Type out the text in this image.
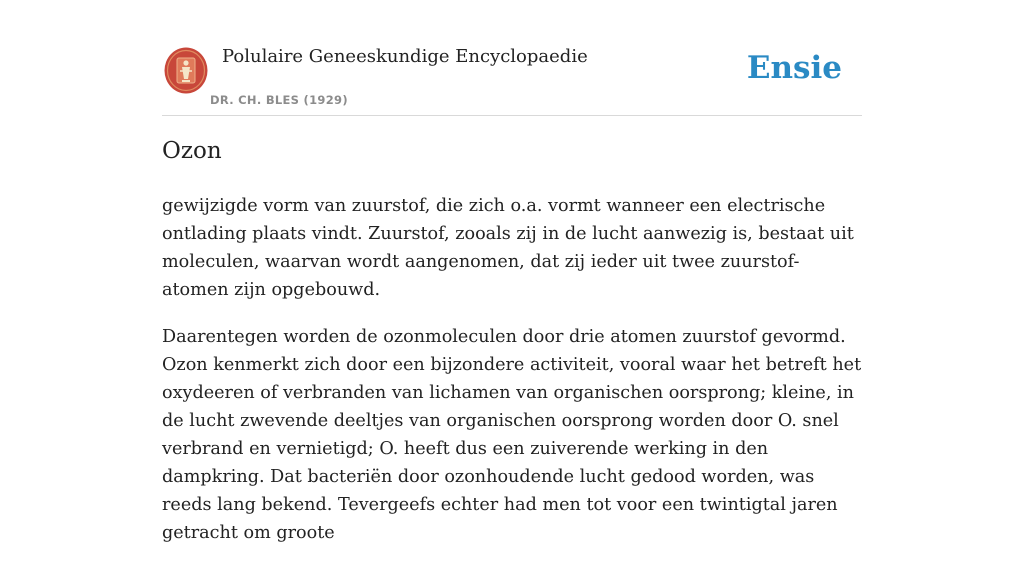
Polulaire Geneeskundige Encyclopaedie
DR. CH. BLES (1929)
Ensie
Ozon

gewijzigde vorm van zuurstof, die zich o.a. vormt wanneer een electrische ontlading plaats vindt. Zuurstof, zooals zij in de lucht aanwezig is, bestaat uit moleculen, waarvan wordt aangenomen, dat zij ieder uit twee zuurstof-atomen zijn opgebouwd.

Daarentegen worden de ozonmoleculen door drie atomen zuurstof gevormd. Ozon kenmerkt zich door een bijzondere activiteit, vooral waar het betreft het oxydeeren of verbranden van lichamen van organischen oorsprong; kleine, in de lucht zwevende deeltjes van organischen oorsprong worden door O. snel verbrand en vernietigd; O. heeft dus een zuiverende werking in den dampkring. Dat bacteriën door ozonhoudende lucht gedood worden, was reeds lang bekend. Tevergeefs echter had men tot voor een twintigtal jaren getracht om groote
